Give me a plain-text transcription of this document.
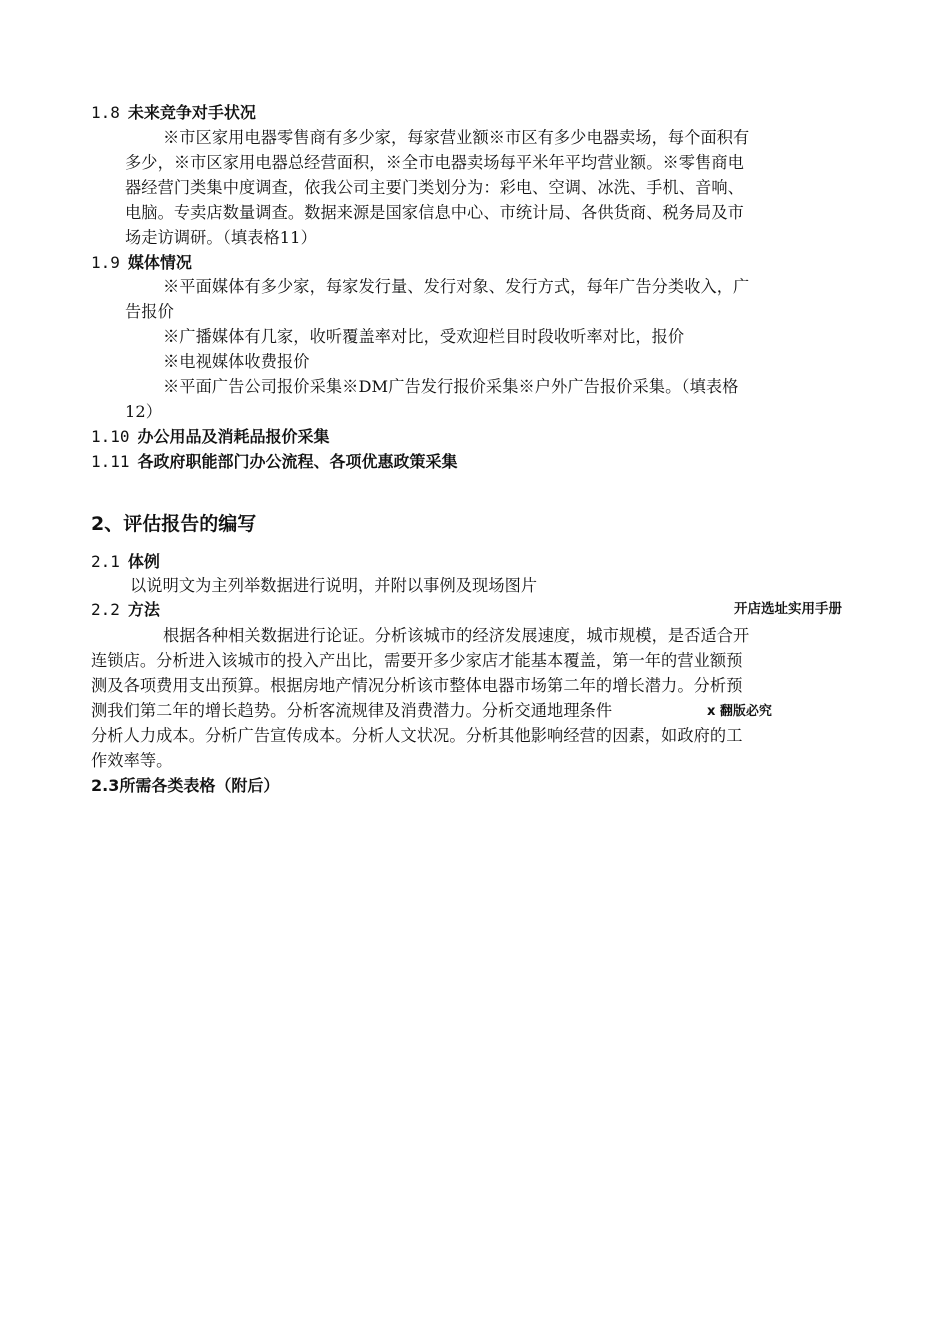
1.8 未来竞争对手状况
※市区家用电器零售商有多少家，每家营业额※市区有多少电器卖场，每个面积有
多少，※市区家用电器总经营面积，※全市电器卖场每平米年平均营业额。※零售商电
器经营门类集中度调查，依我公司主要门类划分为：彩电、空调、冰洗、手机、音响、
电脑。专卖店数量调查。数据来源是国家信息中心、市统计局、各供货商、税务局及市
场走访调研。（填表格11）
1.9 媒体情况
※平面媒体有多少家，每家发行量、发行对象、发行方式，每年广告分类收入，广
告报价
※广播媒体有几家，收听覆盖率对比，受欢迎栏目时段收听率对比，报价
※电视媒体收费报价
※平面广告公司报价采集※DM广告发行报价采集※户外广告报价采集。（填表格
12）
1.10 办公用品及消耗品报价采集
1.11 各政府职能部门办公流程、各项优惠政策采集
2、评估报告的编写
2.1 体例
以说明文为主列举数据进行说明，并附以事例及现场图片
2.2 方法	开店选址实用手册
根据各种相关数据进行论证。分析该城市的经济发展速度，城市规模，是否适合开
连锁店。分析进入该城市的投入产出比，需要开多少家店才能基本覆盖，第一年的营业额预
测及各项费用支出预算。根据房地产情况分析该市整体电器市场第二年的增长潜力。分析预
测我们第二年的增长趋势。分析客流规律及消费潜力。分析交通地理条件	x 翻版必究
分析人力成本。分析广告宣传成本。分析人文状况。分析其他影响经营的因素，如政府的工
作效率等。
2.3所需各类表格（附后）
